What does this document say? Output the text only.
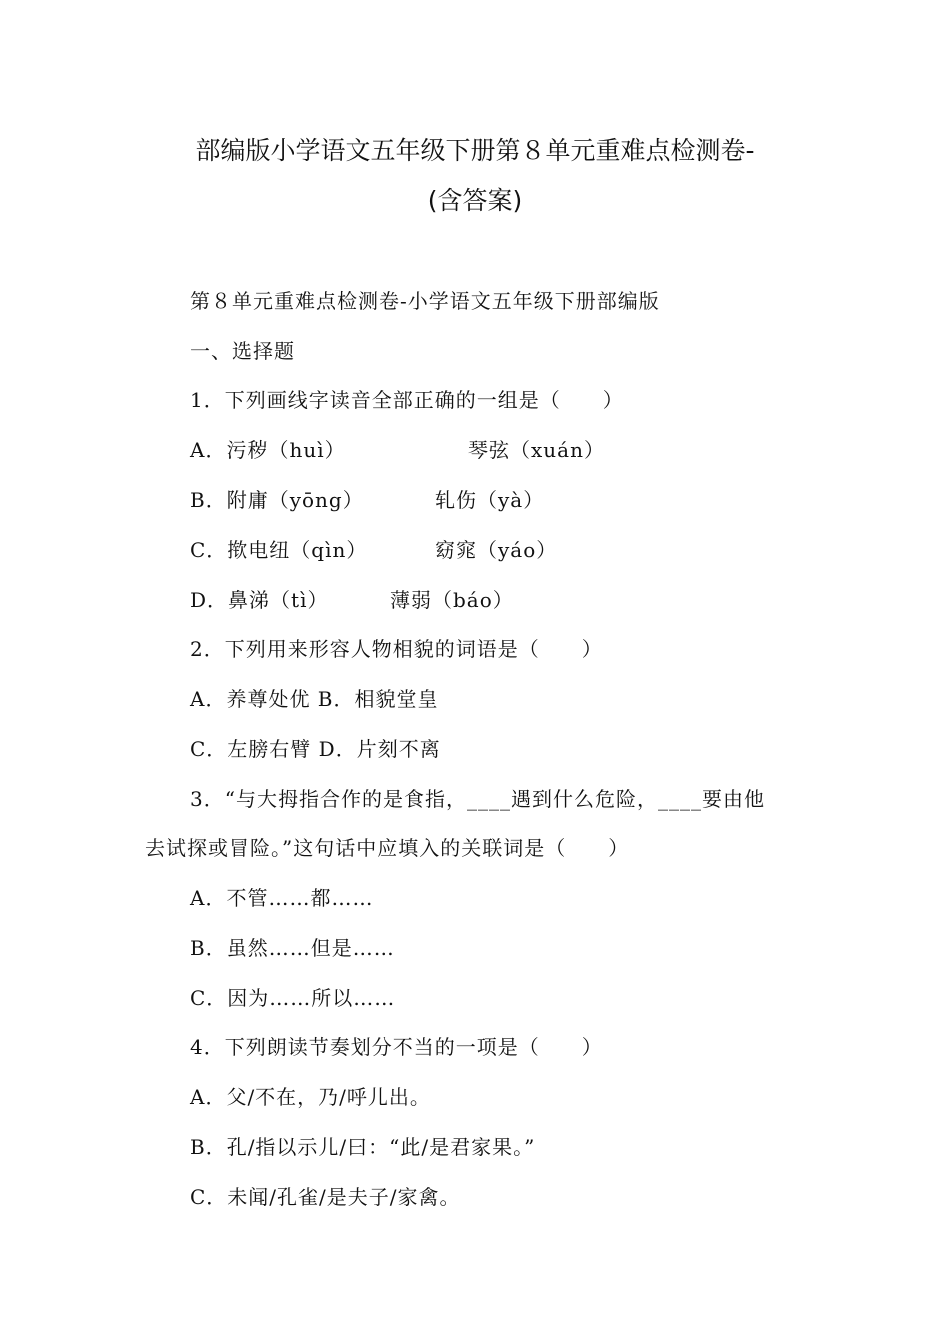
部编版小学语文五年级下册第８单元重难点检测卷-
(含答案)
第８单元重难点检测卷-小学语文五年级下册部编版
一、选择题
1．下列画线字读音全部正确的一组是（　　）
A．污秽（huì）	琴弦（xuán）
B．附庸（yōng）	轧伤（yà）
C．揿电纽（qìn）	窈窕（yáo）
D．鼻涕（tì）	薄弱（báo）
2．下列用来形容人物相貌的词语是（　　）
A．养尊处优 B．相貌堂皇
C．左膀右臂 D．片刻不离
3．“与大拇指合作的是食指，____遇到什么危险，____要由他
去试探或冒险。”这句话中应填入的关联词是（　　）
A．不管……都……
B．虽然……但是……
C．因为……所以……
4．下列朗读节奏划分不当的一项是（　　）
A．父/不在，乃/呼儿出。
B．孔/指以示儿/曰：“此/是君家果。”
C．未闻/孔雀/是夫子/家禽。
